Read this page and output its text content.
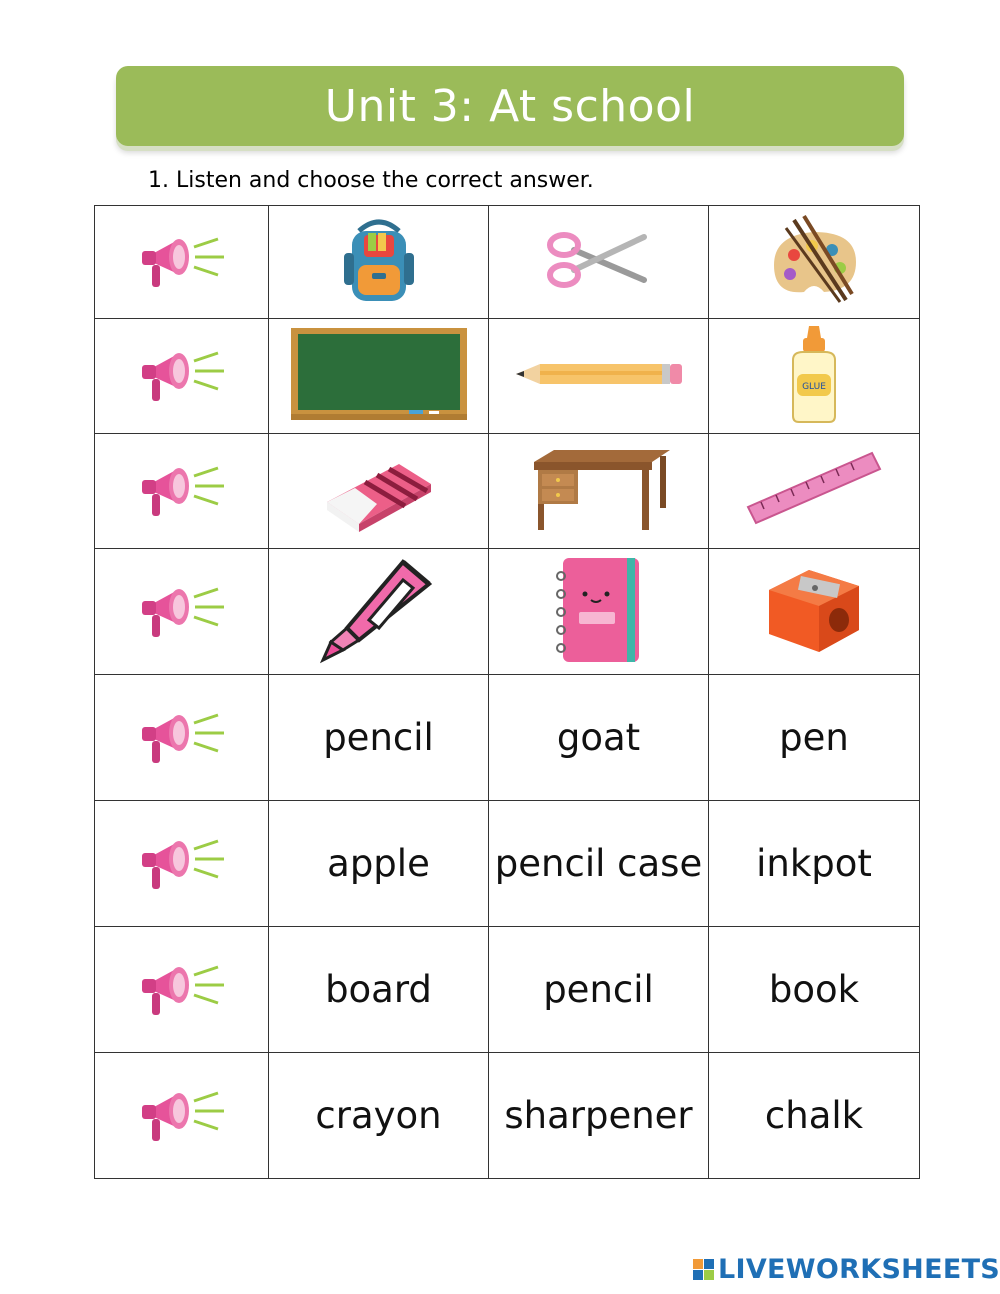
Unit 3: At school
1. Listen and choose the correct answer.

GLUE

	pencil	goat	pen
	apple	pencil case	inkpot
	board	pencil	book
	crayon	sharpener	chalk
LIVEWORKSHEETS
